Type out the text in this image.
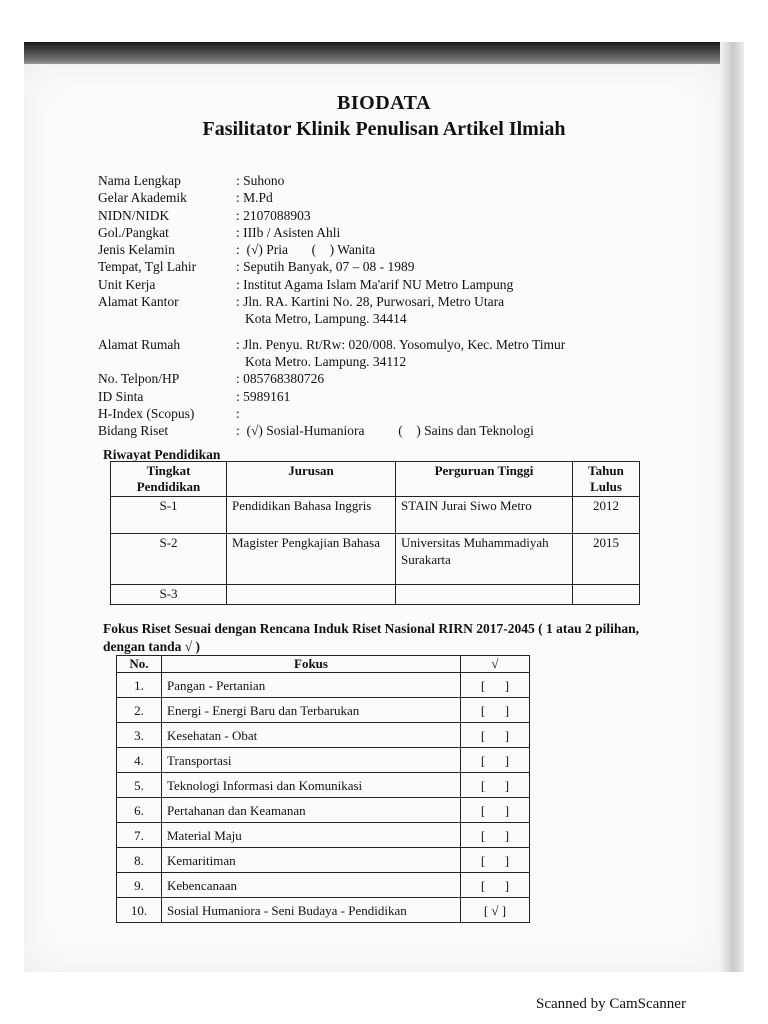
BIODATA
Fasilitator Klinik Penulisan Artikel Ilmiah
Nama Lengkap	: Suhono
Gelar Akademik	: M.Pd
NIDN/NIDK	: 2107088903
Gol./Pangkat	: IIIb / Asisten Ahli
Jenis Kelamin	:  (√) Pria       (    ) Wanita
Tempat, Tgl Lahir	: Seputih Banyak, 07 – 08 - 1989
Unit Kerja	: Institut Agama Islam Ma'arif NU Metro Lampung
Alamat Kantor	: Jln. RA. Kartini No. 28, Purwosari, Metro Utara
Kota Metro, Lampung. 34414
Alamat Rumah	: Jln. Penyu. Rt/Rw: 020/008. Yosomulyo, Kec. Metro Timur
Kota Metro. Lampung. 34112
No. Telpon/HP	: 085768380726
ID Sinta	: 5989161
H-Index (Scopus)	:
Bidang Riset	:  (√) Sosial-Humaniora          (    ) Sains dan Teknologi
Riwayat Pendidikan
Tingkat Pendidikan	Jurusan	Perguruan Tinggi	Tahun Lulus
S-1	Pendidikan Bahasa Inggris	STAIN Jurai Siwo Metro	2012
S-2	Magister Pengkajian Bahasa	Universitas Muhammadiyah Surakarta	2015
S-3			
Fokus Riset Sesuai dengan Rencana Induk Riset Nasional RIRN 2017-2045 ( 1 atau 2 pilihan, dengan tanda √ )
No.	Fokus	√
1.	Pangan - Pertanian	[      ]
2.	Energi - Energi Baru dan Terbarukan	[      ]
3.	Kesehatan - Obat	[      ]
4.	Transportasi	[      ]
5.	Teknologi Informasi dan Komunikasi	[      ]
6.	Pertahanan dan Keamanan	[      ]
7.	Material Maju	[      ]
8.	Kemaritiman	[      ]
9.	Kebencanaan	[      ]
10.	Sosial Humaniora - Seni Budaya - Pendidikan	[ √ ]
Scanned by CamScanner
